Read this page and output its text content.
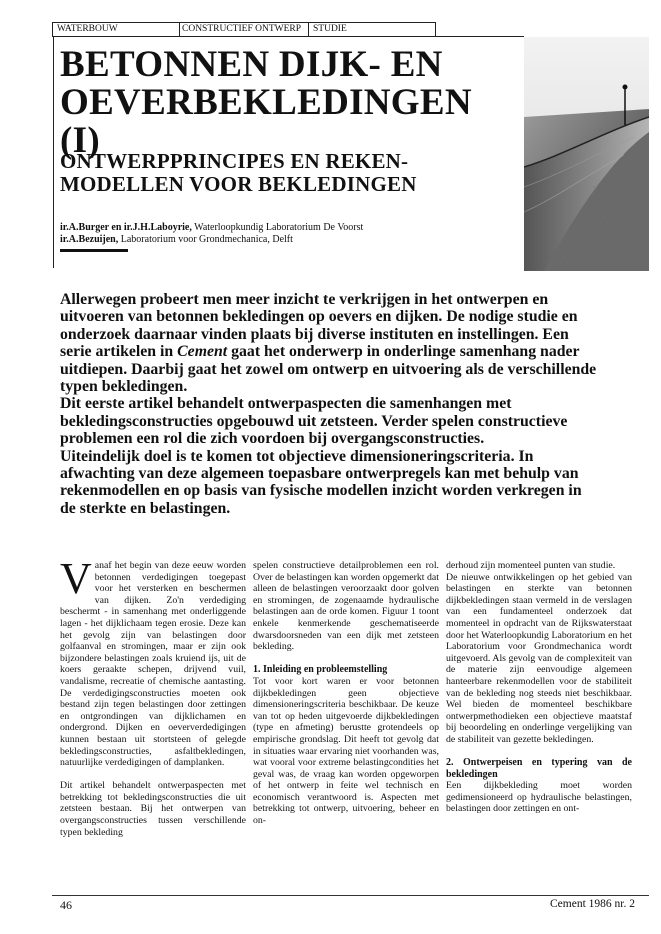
WATERBOUW	CONSTRUCTIEF ONTWERP	STUDIE
BETONNEN DIJK- EN
OEVERBEKLEDINGEN (I)
ONTWERPPRINCIPES EN REKEN-
MODELLEN VOOR BEKLEDINGEN
ir.A.Burger en ir.J.H.Laboyrie, Waterloopkundig Laboratorium De Voorst
ir.A.Bezuijen, Laboratorium voor Grondmechanica, Delft

Allerwegen probeert men meer inzicht te verkrijgen in het ontwerpen en uitvoeren van betonnen bekledingen op oevers en dijken. De nodige studie en onderzoek daarnaar vinden plaats bij diverse instituten en instellingen. Een serie artikelen in Cement gaat het onderwerp in onderlinge samenhang nader uitdiepen. Daarbij gaat het zowel om ontwerp en uitvoering als de verschillende typen bekledingen.

Dit eerste artikel behandelt ontwerpaspecten die samenhangen met bekledingsconstructies opgebouwd uit zetsteen. Verder spelen constructieve problemen een rol die zich voordoen bij overgangsconstructies.

Uiteindelijk doel is te komen tot objectieve dimensioneringscriteria. In afwachting van deze algemeen toepasbare ontwerpregels kan met behulp van rekenmodellen en op basis van fysische modellen inzicht worden verkregen in de sterkte en belastingen.

Vanaf het begin van deze eeuw worden betonnen verdedigingen toegepast voor het versterken en beschermen van dijken. Zo'n verdediging beschermt - in samenhang met onderliggende lagen - het dijklichaam tegen erosie. Deze kan het gevolg zijn van belastingen door golfaanval en stromingen, maar er zijn ook bijzondere belastingen zoals kruiend ijs, uit de koers geraakte schepen, drijvend vuil, vandalisme, recreatie of chemische aantasting. De verdedigingsconstructies moeten ook bestand zijn tegen belastingen door zettingen en ontgrondingen van dijklichamen en ondergrond. Dijken en oeververdedigingen kunnen bestaan uit stortsteen of gelegde bekledingsconstructies, asfaltbekledingen, natuurlijke verdedigingen of damplanken.

Dit artikel behandelt ontwerpaspecten met betrekking tot bekledingsconstructies die uit zetsteen bestaan. Bij het ontwerpen van overgangsconstructies tussen verschillende typen bekleding

spelen constructieve detailproblemen een rol. Over de belastingen kan worden opgemerkt dat alleen de belastingen veroorzaakt door golven en stromingen, de zogenaamde hydraulische belastingen aan de orde komen. Figuur 1 toont enkele kenmerkende geschematiseerde dwarsdoorsneden van een dijk met zetsteen bekleding.

1. Inleiding en probleemstelling

Tot voor kort waren er voor betonnen dijkbekledingen geen objectieve dimensioneringscriteria beschikbaar. De keuze van tot op heden uitgevoerde dijkbekledingen (type en afmeting) berustte grotendeels op empirische grondslag. Dit heeft tot gevolg dat in situaties waar ervaring niet voorhanden was, wat vooral voor extreme belastingcondities het geval was, de vraag kan worden opgeworpen of het ontwerp in feite wel technisch en economisch verantwoord is. Aspecten met betrekking tot ontwerp, uitvoering, beheer en on-

derhoud zijn momenteel punten van studie.

De nieuwe ontwikkelingen op het gebied van belastingen en sterkte van betonnen dijkbekledingen staan vermeld in de verslagen van een fundamenteel onderzoek dat momenteel in opdracht van de Rijkswaterstaat door het Waterloopkundig Laboratorium en het Laboratorium voor Grondmechanica wordt uitgevoerd. Als gevolg van de complexiteit van de materie zijn eenvoudige algemeen hanteerbare rekenmodellen voor de stabiliteit van de bekleding nog steeds niet beschikbaar. Wel bieden de momenteel beschikbare ontwerpmethodieken een objectieve maatstaf bij beoordeling en onderlinge vergelijking van de stabiliteit van gezette bekledingen.

2. Ontwerpeisen en typering van de bekledingen

Een dijkbekleding moet worden gedimensioneerd op hydraulische belastingen, belastingen door zettingen en ont-

46	Cement 1986 nr. 2
